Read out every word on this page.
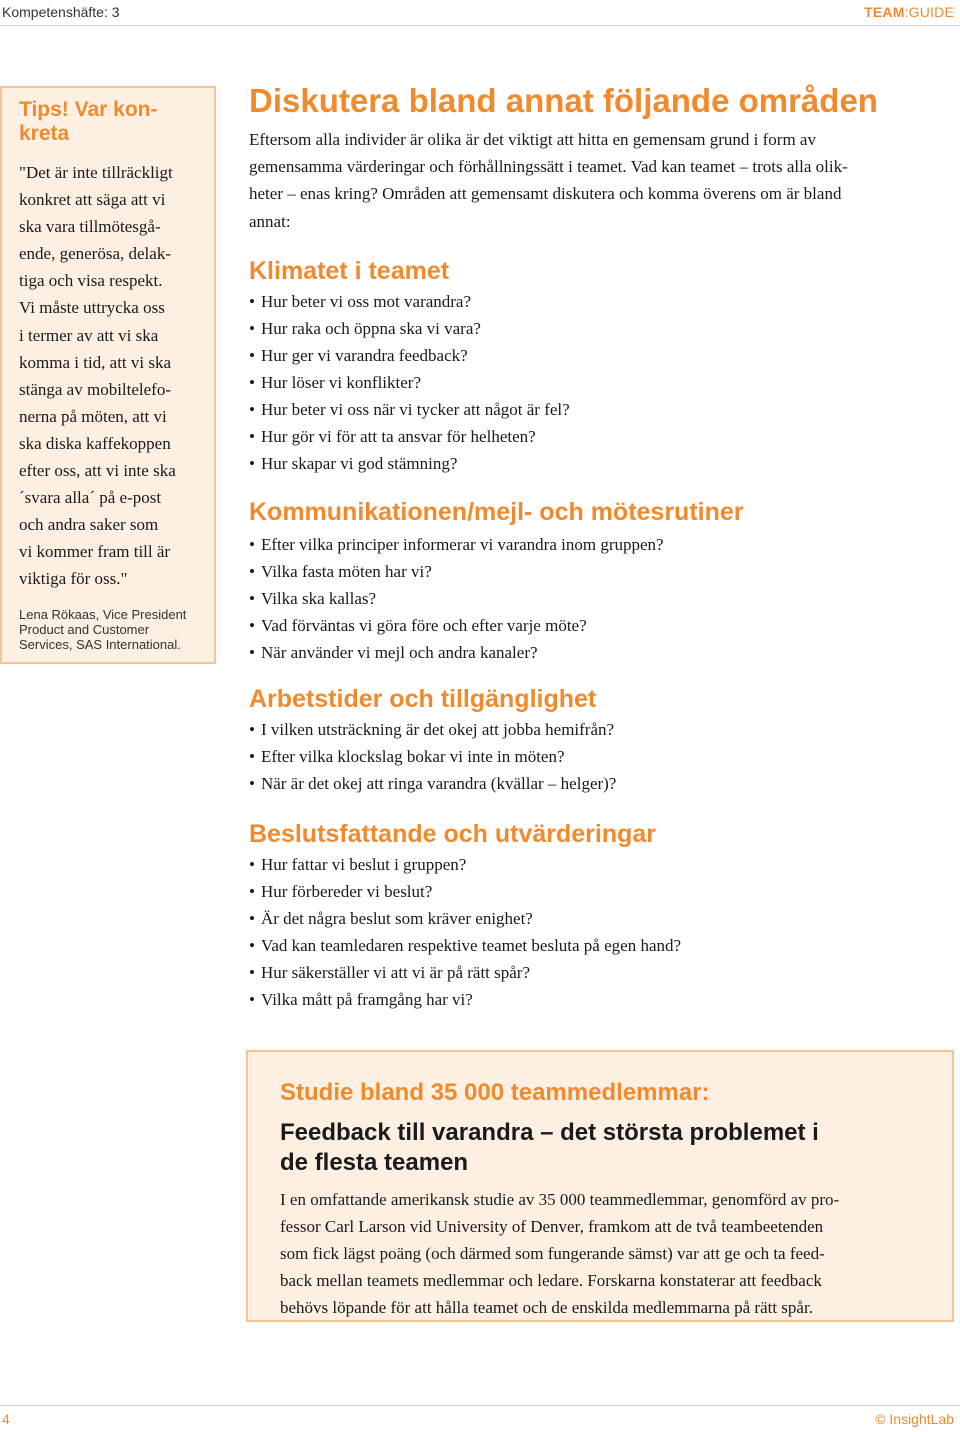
Kompetenshäfte: 3	TEAM:GUIDE
Tips! Var kon-
kreta
"Det är inte tillräckligt
konkret att säga att vi
ska vara tillmötesgå-
ende, generösa, delak-
tiga och visa respekt.
Vi måste uttrycka oss
i termer av att vi ska
komma i tid, att vi ska
stänga av mobiltelefo-
nerna på möten, att vi
ska diska kaffekoppen
efter oss, att vi inte ska
´svara alla´ på e-post
och andra saker som
vi kommer fram till är
viktiga för oss."
Lena Rökaas, Vice President
Product and Customer
Services, SAS International.
Diskutera bland annat följande områden
Eftersom alla individer är olika är det viktigt att hitta en gemensam grund i form av
gemensamma värderingar och förhållningssätt i teamet. Vad kan teamet – trots alla olik-
heter – enas kring? Områden att gemensamt diskutera och komma överens om är bland
annat:
Klimatet i teamet
• Hur beter vi oss mot varandra?
• Hur raka och öppna ska vi vara?
• Hur ger vi varandra feedback?
• Hur löser vi konflikter?
• Hur beter vi oss när vi tycker att något är fel?
• Hur gör vi för att ta ansvar för helheten?
• Hur skapar vi god stämning?
Kommunikationen/mejl- och mötesrutiner
• Efter vilka principer informerar vi varandra inom gruppen?
• Vilka fasta möten har vi?
• Vilka ska kallas?
• Vad förväntas vi göra före och efter varje möte?
• När använder vi mejl och andra kanaler?
Arbetstider och tillgänglighet
• I vilken utsträckning är det okej att jobba hemifrån?
• Efter vilka klockslag bokar vi inte in möten?
• När är det okej att ringa varandra (kvällar – helger)?
Beslutsfattande och utvärderingar
• Hur fattar vi beslut i gruppen?
• Hur förbereder vi beslut?
• Är det några beslut som kräver enighet?
• Vad kan teamledaren respektive teamet besluta på egen hand?
• Hur säkerställer vi att vi är på rätt spår?
• Vilka mått på framgång har vi?
Studie bland 35 000 teammedlemmar:
Feedback till varandra – det största problemet i
de flesta teamen
I en omfattande amerikansk studie av 35 000 teammedlemmar, genomförd av pro-
fessor Carl Larson vid University of Denver, framkom att de två teambeetenden
som fick lägst poäng (och därmed som fungerande sämst) var att ge och ta feed-
back mellan teamets medlemmar och ledare. Forskarna konstaterar att feedback
behövs löpande för att hålla teamet och de enskilda medlemmarna på rätt spår.
4	© InsightLab
